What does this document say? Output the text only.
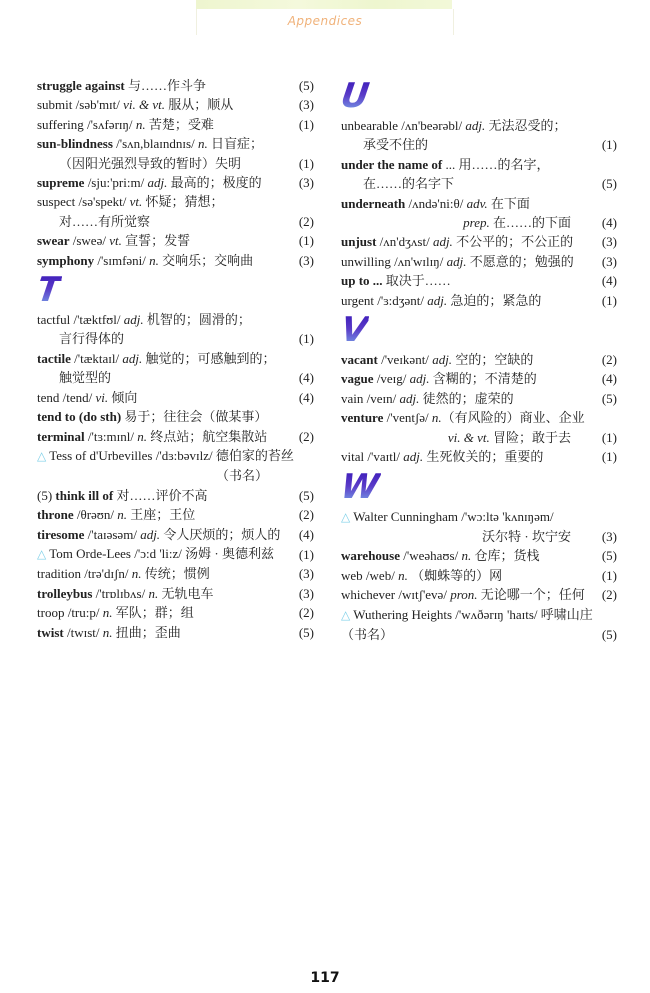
Appendices
struggle against 与……作斗争	(5)
submit /səb'mɪt/ vi. & vt. 服从；顺从	(3)
suffering /'sʌfərɪŋ/ n. 苦楚；受难	(1)
sun-blindness /'sʌn,blaɪndnɪs/ n. 日盲症；
（因阳光强烈导致的暂时）失明	(1)
supreme /sju:'pri:m/ adj. 最高的；极度的	(3)
suspect /sə'spekt/ vt. 怀疑；猜想；
对……有所觉察	(2)
swear /sweə/ vt. 宣誓；发誓	(1)
symphony /'sɪmfəni/ n. 交响乐；交响曲	(3)
T
tactful /'tæktfʊl/ adj. 机智的；圆滑的；
言行得体的	(1)
tactile /'tæktaɪl/ adj. 触觉的；可感触到的；
触觉型的	(4)
tend /tend/ vi. 倾向	(4)
tend to (do sth) 易于；往往会（做某事）
terminal /'tɜ:mɪnl/ n. 终点站；航空集散站	(2)
△ Tess of d'Urbevilles /'dɜ:bəvɪlz/ 德伯家的苔丝
（书名）
(5) think ill of 对……评价不高	(5)
throne /θrəʊn/ n. 王座；王位	(2)
tiresome /'taɪəsəm/ adj. 令人厌烦的；烦人的	(4)
△ Tom Orde-Lees /'ɔ:d 'li:z/ 汤姆 · 奥德利兹	(1)
tradition /trə'dɪʃn/ n. 传统；惯例	(3)
trolleybus /'trɒlɪbʌs/ n. 无轨电车	(3)
troop /tru:p/ n. 军队；群；组	(2)
twist /twɪst/ n. 扭曲；歪曲	(5)
U
unbearable /ʌn'beərəbl/ adj. 无法忍受的；
承受不住的	(1)
under the name of ... 用……的名字，
在……的名字下	(5)
underneath /ʌndə'ni:θ/ adv. 在下面
prep. 在……的下面	(4)
unjust /ʌn'dʒʌst/ adj. 不公平的；不公正的	(3)
unwilling /ʌn'wɪlɪŋ/ adj. 不愿意的；勉强的	(3)
up to ... 取决于……	(4)
urgent /'ɜ:dʒənt/ adj. 急迫的；紧急的	(1)
V
vacant /'veɪkənt/ adj. 空的；空缺的	(2)
vague /veɪg/ adj. 含糊的；不清楚的	(4)
vain /veɪn/ adj. 徒然的；虚荣的	(5)
venture /'ventʃə/ n.（有风险的）商业、企业
vi. & vt. 冒险；敢于去	(1)
vital /'vaɪtl/ adj. 生死攸关的；重要的	(1)
W
△ Walter Cunningham /'wɔ:ltə 'kʌnɪŋəm/
沃尔特 · 坎宁安	(3)
warehouse /'weəhaʊs/ n. 仓库；货栈	(5)
web /web/ n. （蜘蛛等的）网	(1)
whichever /wɪtʃ'evə/ pron. 无论哪一个；任何	(2)
△ Wuthering Heights /'wʌðərɪŋ 'haɪts/ 呼啸山庄
（书名）	(5)
117
